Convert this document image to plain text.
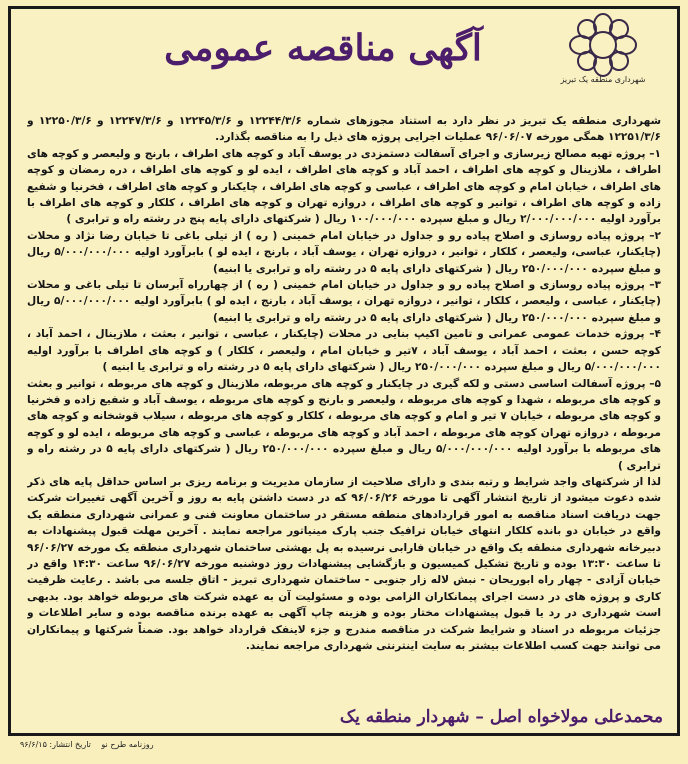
شهرداری منطقه یک تبریز
آگهی مناقصه عمومی

شهرداری منطقه یک تبریز در نظر دارد به استناد مجوزهای شماره ۱۲۲۴۴/۳/۶ و ۱۲۲۴۵/۳/۶ و ۱۲۲۴۷/۳/۶ و ۱۲۲۵۰/۳/۶ و ۱۲۲۵۱/۳/۶ همگی مورخه ۹۶/۰۶/۰۷ عملیات اجرایی پروژه های ذیل را به مناقصه بگذارد.

۱– پروژه تهیه مصالح زیرسازی و اجرای آسفالت دستمزدی در یوسف آباد و کوچه های اطراف ، بارنج و ولیعصر و کوچه های اطراف ، ملازینال و کوچه های اطراف ، احمد آباد و کوچه های اطراف ، ایده لو و کوچه های اطراف ، دره رمضان و کوچه های اطراف ، خیابان امام و کوچه های اطراف ، عباسی و کوچه های اطراف ، چایکنار و کوچه های اطراف ، فخرنیا و شفیع زاده و کوچه های اطراف ، توانیر و کوچه های اطراف ، دروازه تهران و کوچه های اطراف ، کلکار و کوچه های اطراف با برآورد اولیه ۲/۰۰۰/۰۰۰/۰۰۰ ریال و مبلغ سپرده ۱۰۰/۰۰۰/۰۰۰ ریال ( شرکتهای دارای پایه پنج در رشته راه و ترابری )

۲– پروژه پیاده روسازی و اصلاح پیاده رو و جداول در خیابان امام خمینی ( ره ) از تیلی باغی تا خیابان رضا نژاد و محلات (چایکنار، عباسی، ولیعصر ، کلکار ، توانیر ، دروازه تهران ، یوسف آباد ، بارنج ، ایده لو ) بابرآورد اولیه ۵/۰۰۰/۰۰۰/۰۰۰ ریال و مبلغ سپرده ۲۵۰/۰۰۰/۰۰۰ ریال ( شرکتهای دارای پایه ۵ در رشته راه و ترابری یا ابنیه)

۳– پروژه پیاده روسازی و اصلاح پیاده رو و جداول در خیابان امام خمینی ( ره ) از چهارراه آبرسان تا تیلی باغی و محلات (چایکنار ، عباسی ، ولیعصر ، کلکار ، توانیر ، دروازه تهران ، یوسف آباد ، بارنج ، ایده لو ) بابرآورد اولیه ۵/۰۰۰/۰۰۰/۰۰۰ ریال و مبلغ سپرده ۲۵۰/۰۰۰/۰۰۰ ریال ( شرکتهای دارای پایه ۵ در رشته راه و ترابری یا ابنیه)

۴– پروژه خدمات عمومی عمرانی و تامین اکیپ بنایی در محلات (چایکنار ، عباسی ، توانیر ، بعثت ، ملازینال ، احمد آباد ، کوچه حسن ، بعثت ، احمد آباد ، یوسف آباد ، ۷تیر و خیابان امام ، ولیعصر ، کلکار ) و کوچه های اطراف با برآورد اولیه ۵/۰۰۰/۰۰۰/۰۰۰ ریال و مبلغ سپرده ۲۵۰/۰۰۰/۰۰۰ ریال ( شرکتهای دارای پایه ۵ در رشته راه و ترابری یا ابنیه )

۵– پروژه آسفالت اساسی دستی و لکه گیری در چایکنار و کوچه های مربوطه، ملازینال و کوچه های مربوطه ، توانیر و بعثت و کوچه های مربوطه ، شهدا و کوچه های مربوطه ، ولیعصر و بارنج و کوچه های مربوطه ، یوسف آباد و شفیع زاده و فخرنیا و کوچه های مربوطه ، خیابان ۷ تیر و امام و کوچه های مربوطه ، کلکار و کوچه های مربوطه ، سیلاب قوشخانه و کوچه های مربوطه ، دروازه تهران کوچه های مربوطه ، احمد آباد و کوچه های مربوطه ، عباسی و کوچه های مربوطه ، ایده لو و کوچه های مربوطه با برآورد اولیه ۵/۰۰۰/۰۰۰/۰۰۰ ریال و مبلغ سپرده ۲۵۰/۰۰۰/۰۰۰ ریال ( شرکتهای دارای پایه ۵ در رشته راه و ترابری )

لذا از شرکتهای واجد شرایط و رتبه بندی و دارای صلاحیت از سازمان مدیریت و برنامه ریزی بر اساس حداقل پایه های ذکر شده دعوت میشود از تاریخ انتشار آگهی تا مورخه ۹۶/۰۶/۲۶ که در دست داشتن پایه به روز و آخرین آگهی تغییرات شرکت جهت دریافت اسناد مناقصه به امور قراردادهای منطقه مستقر در ساختمان معاونت فنی و عمرانی شهرداری منطقه یک واقع در خیابان دو بانده کلکار انتهای خیابان ترافیک جنب پارک مینیاتور مراجعه نمایند . آخرین مهلت قبول پیشنهادات به دبیرخانه شهرداری منطقه یک واقع در خیابان فارابی نرسیده به پل بهشتی ساختمان شهرداری منطقه یک مورخه ۹۶/۰۶/۲۷ تا ساعت ۱۳:۳۰ بوده و تاریخ تشکیل کمیسیون و بازگشایی پیشنهادات روز دوشنبه مورخه ۹۶/۰۶/۲۷ ساعت ۱۴:۳۰ واقع در خیابان آزادی - چهار راه ابوریحان - نبش لاله زار جنوبی - ساختمان شهرداری تبریز - اتاق جلسه می باشد . رعایت ظرفیت کاری و پروژه های در دست اجرای پیمانکاران الزامی بوده و مسئولیت آن به عهده شرکت های مربوطه خواهد بود. بدیهی است شهرداری در رد یا قبول پیشنهادات مختار بوده و هزینه چاپ آگهی به عهده برنده مناقصه بوده و سایر اطلاعات و جزئیات مربوطه در اسناد و شرایط شرکت در مناقصه مندرج و جزء لاینفک قرارداد خواهد بود. ضمناً شرکتها و پیمانکاران می توانند جهت کسب اطلاعات بیشتر به سایت اینترنتی شهرداری مراجعه نمایند.

محمدعلی مولاخواه اصل – شهردار منطقه یک
روزنامه طرح نو تاریخ انتشار: ۹۶/۶/۱۵
